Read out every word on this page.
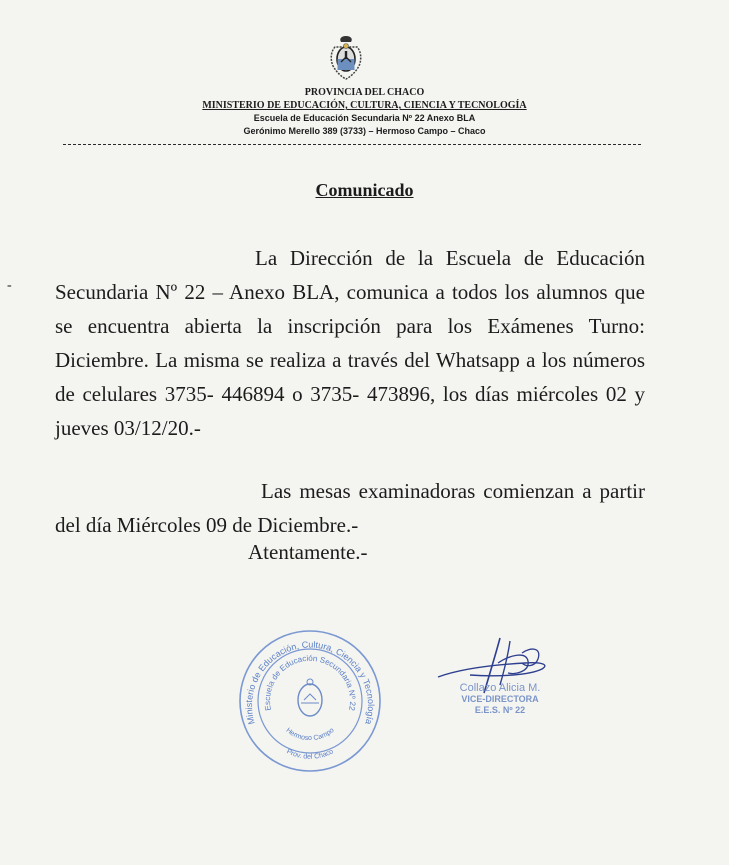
PROVINCIA DEL CHACO
MINISTERIO DE EDUCACIÓN, CULTURA, CIENCIA Y TECNOLOGÍA
Escuela de Educación Secundaria Nº 22 Anexo BLA
Gerónimo Merello 389 (3733) – Hermoso Campo – Chaco
Comunicado
-

La Dirección de la Escuela de Educación Secundaria Nº 22 – Anexo BLA, comunica a todos los alumnos que se encuentra abierta la inscripción para los Exámenes Turno: Diciembre. La misma se realiza a través del Whatsapp a los números de celulares 3735- 446894 o 3735- 473896, los días miércoles 02 y jueves 03/12/20.-

Las mesas examinadoras comienzan a partir del día Miércoles 09 de Diciembre.-

Atentamente.-

Ministerio de Educación, Cultura, Ciencia y Tecnología
Escuela de Educación Secundaria Nº 22
Hermoso Campo
Prov. del Chaco
Collazo Alicia M.
VICE-DIRECTORA
E.E.S. Nº 22
